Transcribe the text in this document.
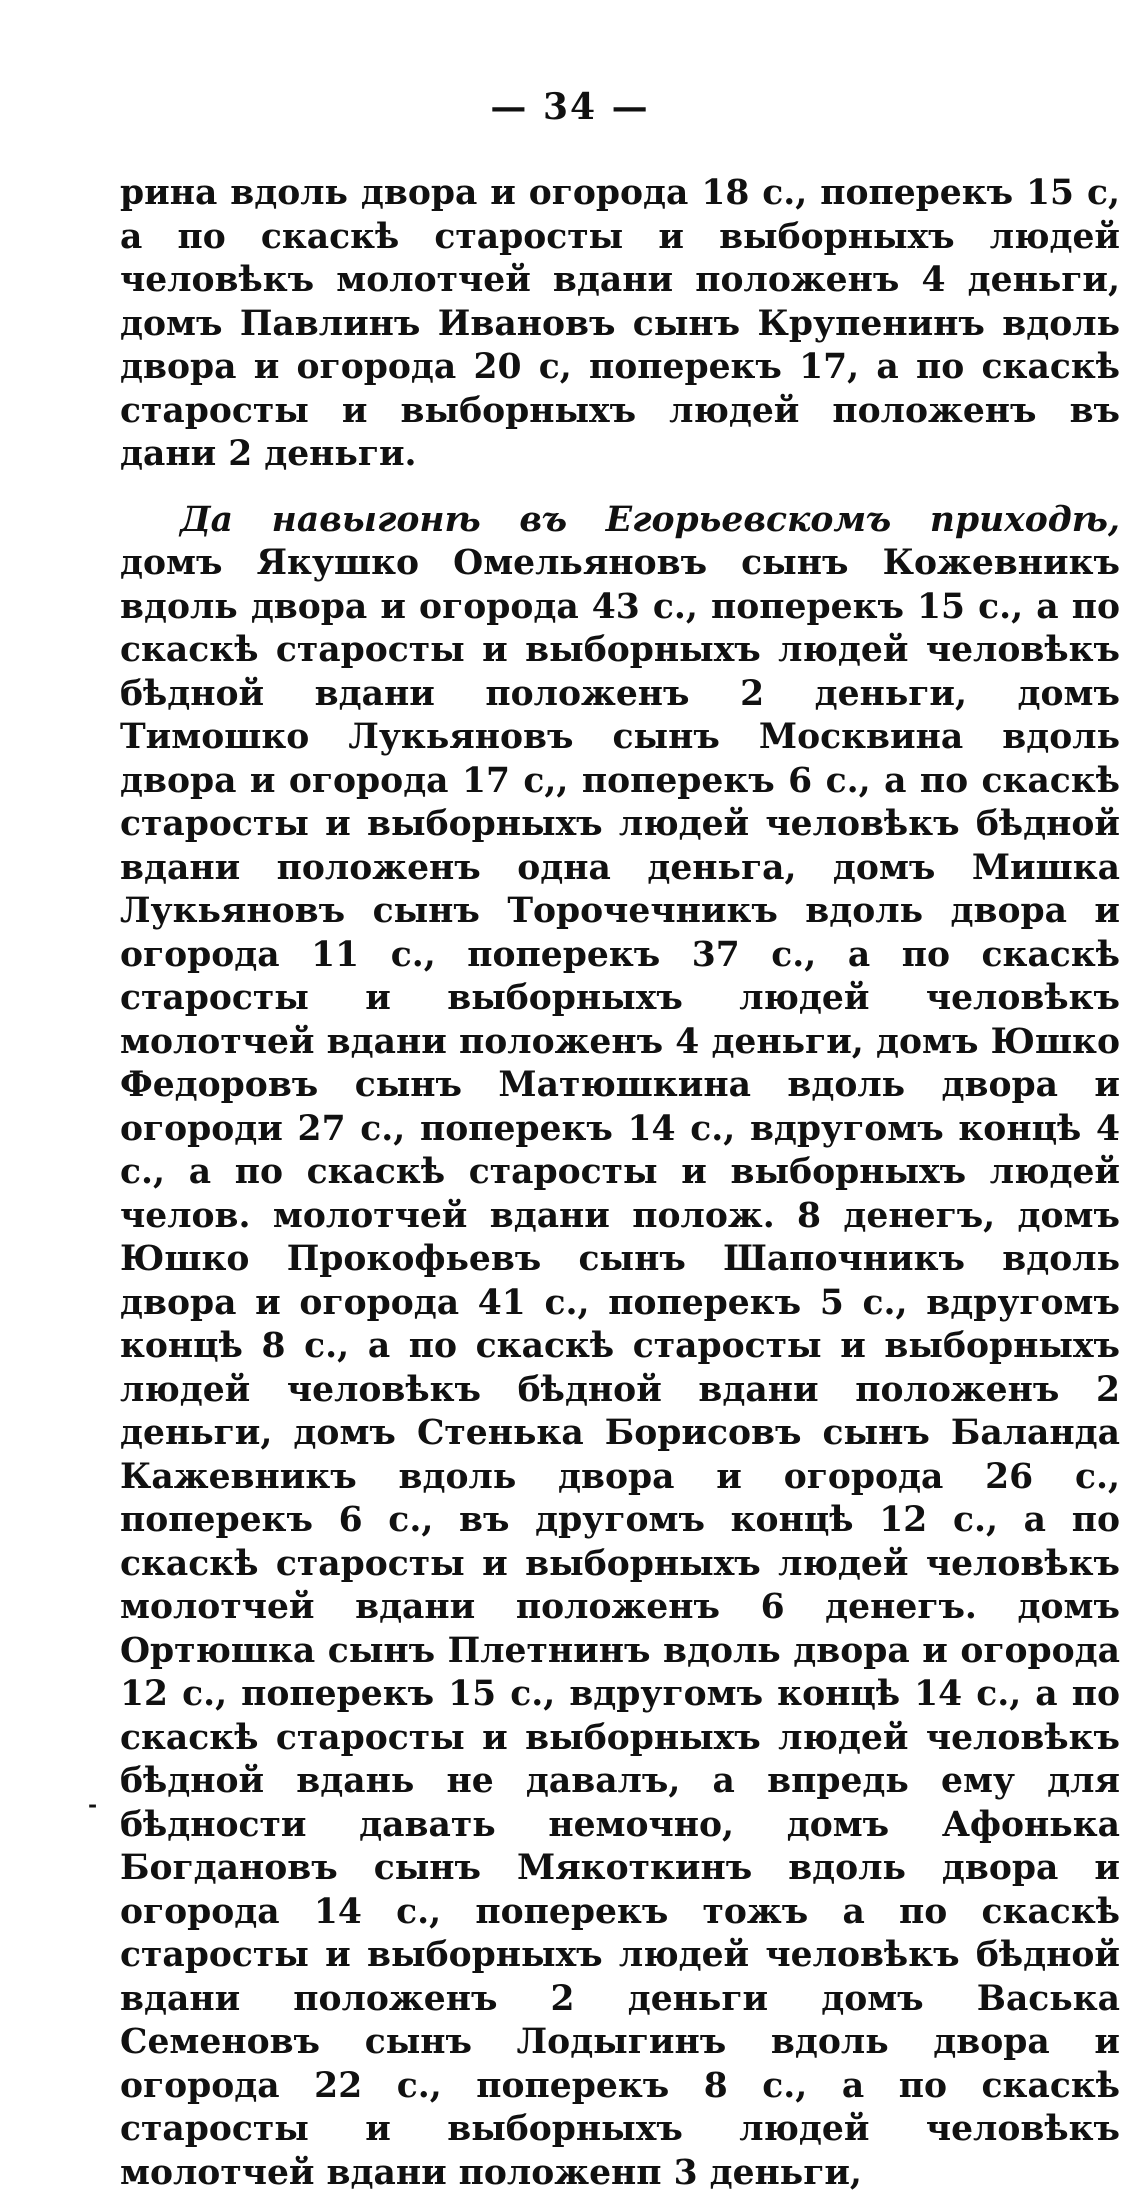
— 34 —

рина вдоль двора и огорода 18 с., поперекъ 15 с, а по скаскѣ старосты и выборныхъ людей человѣкъ молотчей вдани положенъ 4 деньги, домъ Павлинъ Ивановъ сынъ Крупенинъ вдоль двора и огорода 20 с, поперекъ 17, а по скаскѣ старосты и выборныхъ людей положенъ въ дани 2 деньги.

Да навыгонѣ въ Егорьевскомъ приходѣ, домъ Якушко Омельяновъ сынъ Кожевникъ вдоль двора и огорода 43 с., поперекъ 15 с., а по скаскѣ старосты и выборныхъ людей человѣкъ бѣдной вдани положенъ 2 деньги, домъ Тимошко Лукьяновъ сынъ Москвина вдоль двора и огорода 17 с,, поперекъ 6 с., а по скаскѣ старосты и выборныхъ людей человѣкъ бѣдной вдани положенъ одна деньга, домъ Мишка Лукьяновъ сынъ Торочечникъ вдоль двора и огорода 11 с., поперекъ 37 с., а по скаскѣ старосты и выборныхъ людей человѣкъ молотчей вдани положенъ 4 деньги, домъ Юшко Федоровъ сынъ Матюшкина вдоль двора и огороди 27 с., поперекъ 14 с., вдругомъ концѣ 4 с., а по скаскѣ старосты и выборныхъ людей челов. молотчей вдани полож. 8 денегъ, домъ Юшко Прокофьевъ сынъ Шапочникъ вдоль двора и огорода 41 с., поперекъ 5 с., вдругомъ концѣ 8 с., а по скаскѣ старосты и выборныхъ людей человѣкъ бѣдной вдани положенъ 2 деньги, домъ Стенька Борисовъ сынъ Баланда Кажевникъ вдоль двора и огорода 26 с., поперекъ 6 с., въ другомъ концѣ 12 с., а по скаскѣ старосты и выборныхъ людей человѣкъ молотчей вдани положенъ 6 денегъ. домъ Ортюшка сынъ Плетнинъ вдоль двора и огорода 12 с., поперекъ 15 с., вдругомъ концѣ 14 с., а по скаскѣ старосты и выборныхъ людей человѣкъ бѣдной вдань не давалъ, а впредь ему для бѣдности давать немочно, домъ Афонька Богдановъ сынъ Мякоткинъ вдоль двора и огорода 14 с., поперекъ тожъ а по скаскѣ старосты и выборныхъ людей человѣкъ бѣдной вдани положенъ 2 деньги домъ Васька Семеновъ сынъ Лодыгинъ вдоль двора и огорода 22 с., поперекъ 8 с., а по скаскѣ старосты и выборныхъ людей человѣкъ молотчей вдани положенп 3 деньги,

-
